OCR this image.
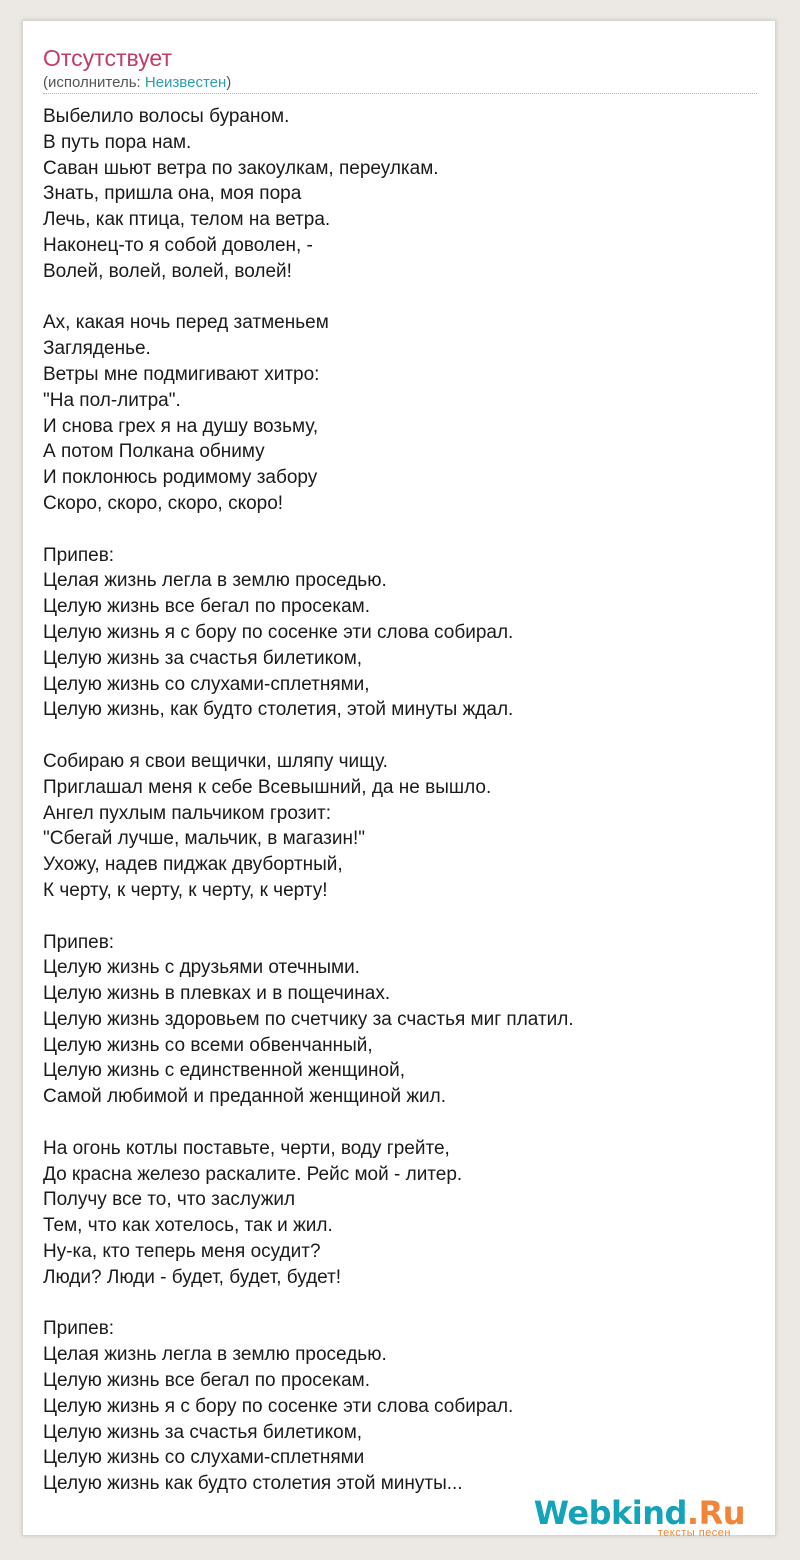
Отсутствует
(исполнитель: Неизвестен)
Выбелило волосы бураном.
В путь пора нам.
Саван шьют ветра по закоулкам, переулкам.
Знать, пришла она, моя пора
Лечь, как птица, телом на ветра.
Наконец-то я собой доволен, -
Волей, волей, волей, волей!

Ах, какая ночь перед затменьем
Загляденье.
Ветры мне подмигивают хитро:
"На пол-литра".
И снова грех я на душу возьму,
А потом Полкана обниму
И поклонюсь родимому забору
Скоро, скоро, скоро, скоро!

Припев:
Целая жизнь легла в землю проседью.
Целую жизнь все бегал по просекам.
Целую жизнь я с бору по сосенке эти слова собирал.
Целую жизнь за счастья билетиком,
Целую жизнь со слухами-сплетнями,
Целую жизнь, как будто столетия, этой минуты ждал.

Собираю я свои вещички, шляпу чищу.
Приглашал меня к себе Всевышний, да не вышло.
Ангел пухлым пальчиком грозит:
"Сбегай лучше, мальчик, в магазин!"
Ухожу, надев пиджак двубортный,
К черту, к черту, к черту, к черту!

Припев:
Целую жизнь с друзьями отечными.
Целую жизнь в плевках и в пощечинах.
Целую жизнь здоровьем по счетчику за счастья миг платил.
Целую жизнь со всеми обвенчанный,
Целую жизнь с единственной женщиной,
Самой любимой и преданной женщиной жил.

На огонь котлы поставьте, черти, воду грейте,
До красна железо раскалите. Рейс мой - литер.
Получу все то, что заслужил
Тем, что как хотелось, так и жил.
Ну-ка, кто теперь меня осудит?
Люди? Люди - будет, будет, будет!

Припев:
Целая жизнь легла в землю проседью.
Целую жизнь все бегал по просекам.
Целую жизнь я с бору по сосенке эти слова собирал.
Целую жизнь за счастья билетиком,
Целую жизнь со слухами-сплетнями
Целую жизнь как будто столетия этой минуты...
Webkind.Ru
тексты песен
